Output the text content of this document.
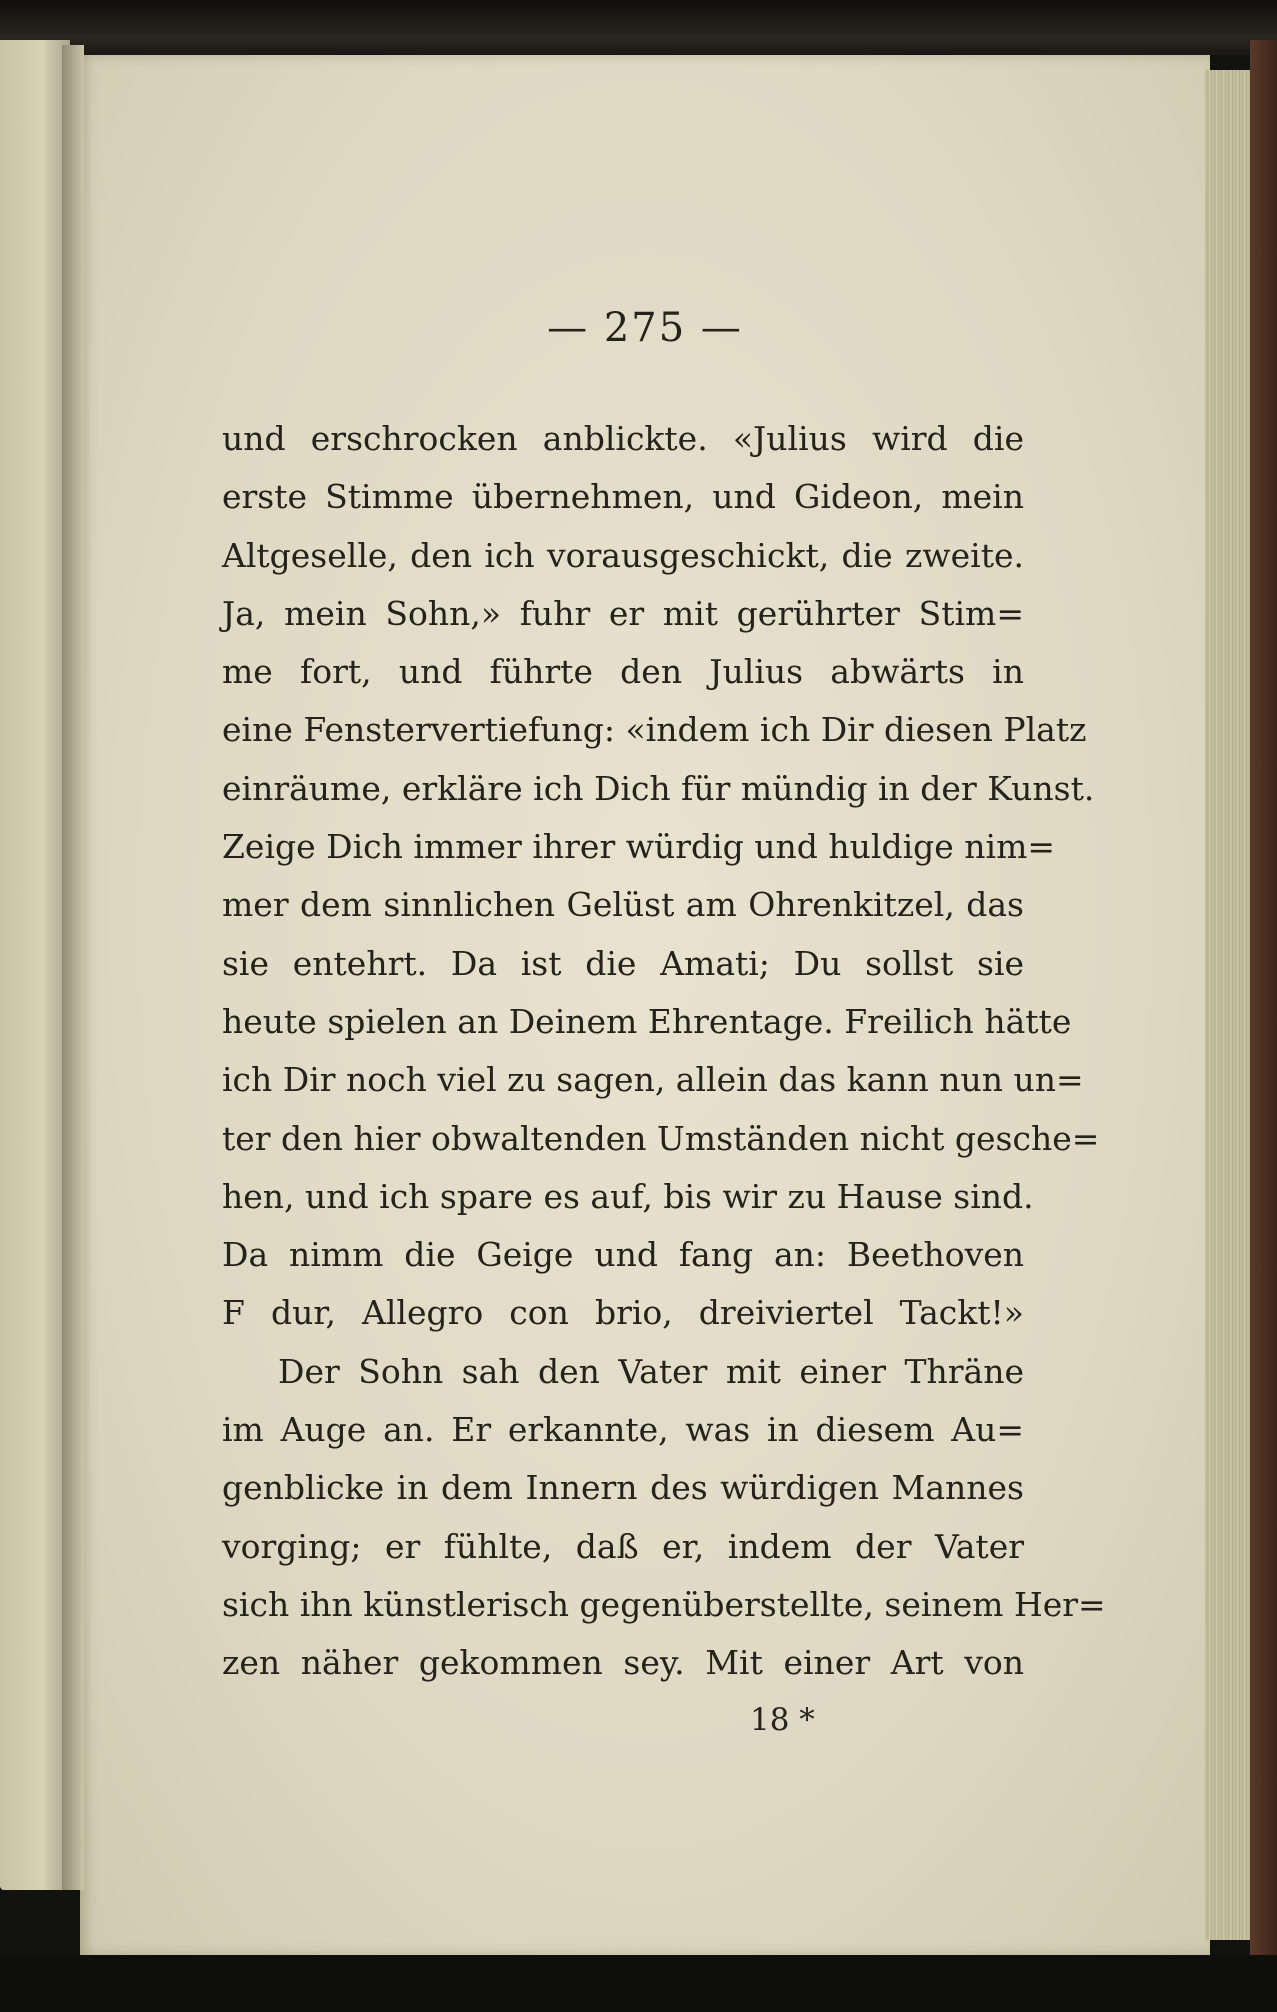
— 275 —
und erschrocken anblickte. «Julius wird die
erste Stimme übernehmen, und Gideon, mein
Altgeselle, den ich vorausgeschickt, die zweite.
Ja, mein Sohn,» fuhr er mit gerührter Stim=
me fort, und führte den Julius abwärts in
eine Fenstervertiefung: «indem ich Dir diesen Platz
einräume, erkläre ich Dich für mündig in der Kunst.
Zeige Dich immer ihrer würdig und huldige nim=
mer dem sinnlichen Gelüst am Ohrenkitzel, das
sie entehrt. Da ist die Amati; Du sollst sie
heute spielen an Deinem Ehrentage. Freilich hätte
ich Dir noch viel zu sagen, allein das kann nun un=
ter den hier obwaltenden Umständen nicht gesche=
hen, und ich spare es auf, bis wir zu Hause sind.
Da nimm die Geige und fang an: Beethoven
F dur, Allegro con brio, dreiviertel Tackt!»
Der Sohn sah den Vater mit einer Thräne
im Auge an. Er erkannte, was in diesem Au=
genblicke in dem Innern des würdigen Mannes
vorging; er fühlte, daß er, indem der Vater
sich ihn künstlerisch gegenüberstellte, seinem Her=
zen näher gekommen sey. Mit einer Art von
18 *
